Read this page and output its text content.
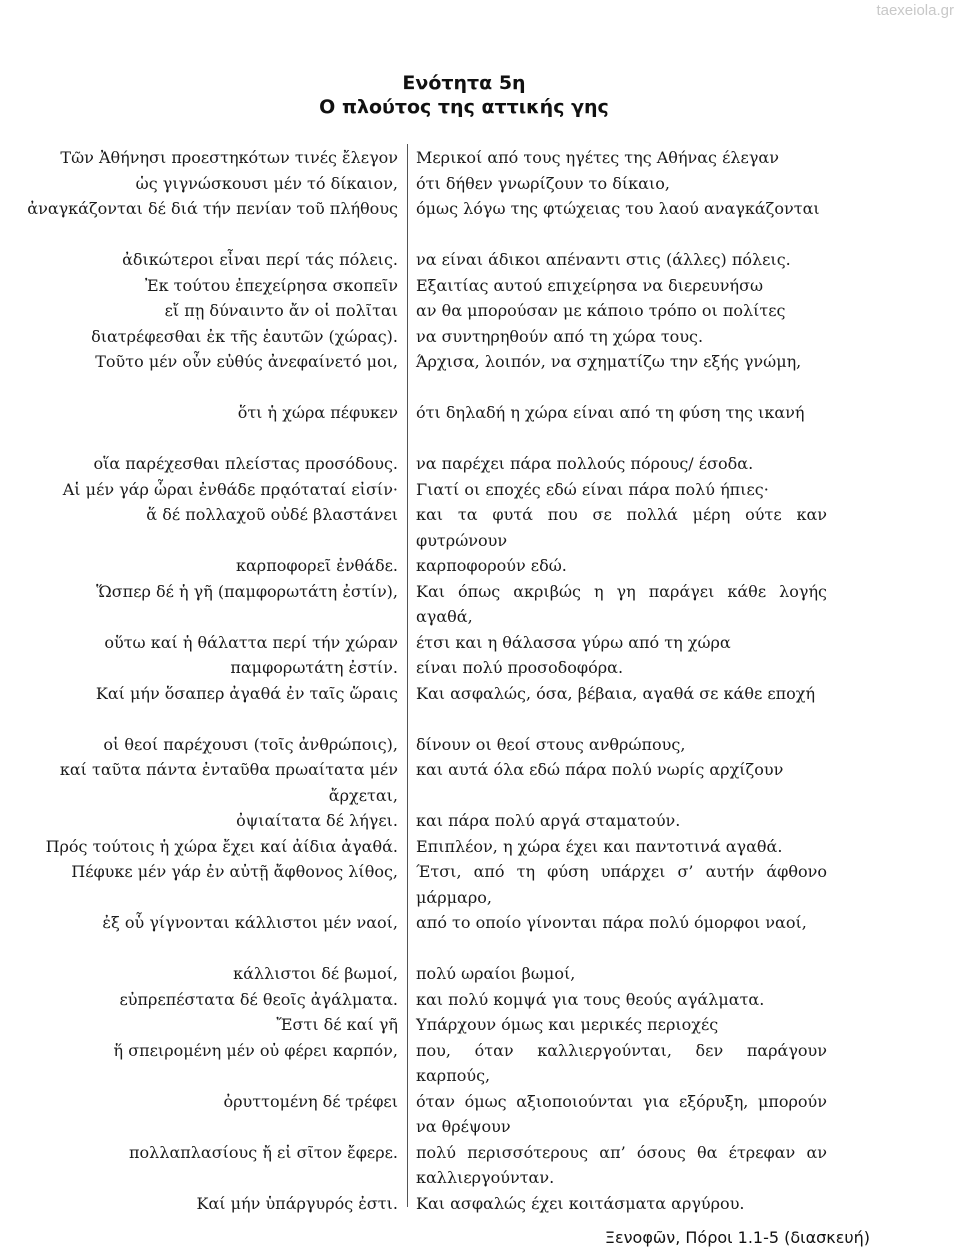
taexeiola.gr
Ενότητα 5η
Ο πλούτος της αττικής γης
Τῶν Ἀθήνησι προεστηκότων τινές ἔλεγον Μερικοί από τους ηγέτες της Αθήνας έλεγαν
ὡς γιγνώσκουσι μέν τό δίκαιον, ότι δήθεν γνωρίζουν το δίκαιο,
ἀναγκάζονται δέ διά τήν πενίαν τοῦ πλήθους όμως λόγω της φτώχειας του λαού αναγκάζονται
ἀδικώτεροι εἶναι περί τάς πόλεις. να είναι άδικοι απέναντι στις (άλλες) πόλεις.
Ἐκ τούτου ἐπεχείρησα σκοπεῖν Εξαιτίας αυτού επιχείρησα να διερευνήσω
εἴ πῃ δύναιντο ἄν οἱ πολῖται αν θα μπορούσαν με κάποιο τρόπο οι πολίτες
διατρέφεσθαι ἐκ τῆς ἑαυτῶν (χώρας). να συντηρηθούν από τη χώρα τους.
Τοῦτο μέν οὖν εὐθύς ἀνεφαίνετό μοι, Άρχισα, λοιπόν, να σχηματίζω την εξής γνώμη,
ὅτι ἡ χώρα πέφυκεν ότι δηλαδή η χώρα είναι από τη φύση της ικανή
οἵα παρέχεσθαι πλείστας προσόδους. να παρέχει πάρα πολλούς πόρους/ έσοδα.
Αἱ μέν γάρ ὧραι ἐνθάδε πρᾳόταταί εἰσίν· Γιατί οι εποχές εδώ είναι πάρα πολύ ήπιες·
ἅ δέ πολλαχοῦ οὐδέ βλαστάνει και τα φυτά που σε πολλά μέρη ούτε καν φυτρώνουν
καρποφορεῖ ἐνθάδε. καρποφορούν εδώ.
Ὥσπερ δέ ἡ γῆ (παμφορωτάτη ἐστίν), Και όπως ακριβώς η γη παράγει κάθε λογής αγαθά,
οὕτω καί ἡ θάλαττα περί τήν χώραν έτσι και η θάλασσα γύρω από τη χώρα
παμφορωτάτη ἐστίν. είναι πολύ προσοδοφόρα.
Καί μήν ὅσαπερ ἀγαθά ἐν ταῖς ὥραις Και ασφαλώς, όσα, βέβαια, αγαθά σε κάθε εποχή
οἱ θεοί παρέχουσι (τοῖς ἀνθρώποις), δίνουν οι θεοί στους ανθρώπους,
καί ταῦτα πάντα ἐνταῦθα πρωαίτατα μέν και αυτά όλα εδώ πάρα πολύ νωρίς αρχίζουν
ἄρχεται,
ὀψιαίτατα δέ λήγει. και πάρα πολύ αργά σταματούν.
Πρός τούτοις ἡ χώρα ἔχει καί ἀίδια ἀγαθά. Επιπλέον, η χώρα έχει και παντοτινά αγαθά.
Πέφυκε μέν γάρ ἐν αὐτῇ ἄφθονος λίθος, Έτσι, από τη φύση υπάρχει σ’ αυτήν άφθονο μάρμαρο,
ἐξ οὗ γίγνονται κάλλιστοι μέν ναοί, από το οποίο γίνονται πάρα πολύ όμορφοι ναοί,
κάλλιστοι δέ βωμοί, πολύ ωραίοι βωμοί,
εὐπρεπέστατα δέ θεοῖς ἀγάλματα. και πολύ κομψά για τους θεούς αγάλματα.
Ἔστι δέ καί γῆ Υπάρχουν όμως και μερικές περιοχές
ἥ σπειρομένη μέν οὐ φέρει καρπόν, που, όταν καλλιεργούνται, δεν παράγουν καρπούς,
ὀρυττομένη δέ τρέφει όταν όμως αξιοποιούνται για εξόρυξη, μπορούν να θρέψουν
πολλαπλασίους ἤ εἰ σῖτον ἔφερε. πολύ περισσότερους απ’ όσους θα έτρεφαν αν καλλιεργούνταν.
Καί μήν ὑπάργυρός ἐστι. Και ασφαλώς έχει κοιτάσματα αργύρου.
Ξενοφῶν, Πόροι 1.1-5 (διασκευή)
